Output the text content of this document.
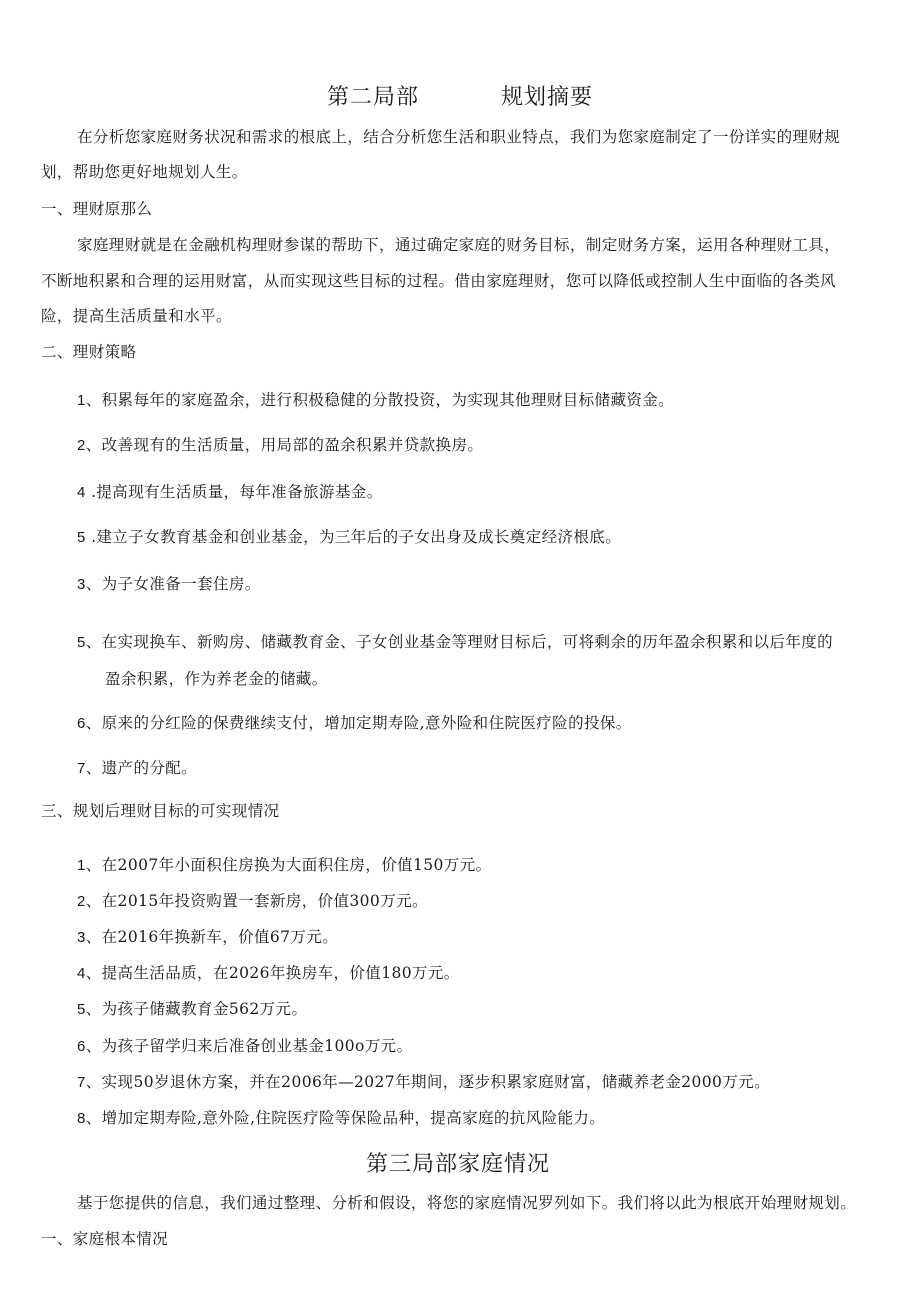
第二局部	规划摘要
在分析您家庭财务状况和需求的根底上，结合分析您生活和职业特点，我们为您家庭制定了一份详实的理财规
划，帮助您更好地规划人生。
一、理财原那么
家庭理财就是在金融机构理财参谋的帮助下，通过确定家庭的财务目标，制定财务方案，运用各种理财工具，
不断地积累和合理的运用财富，从而实现这些目标的过程。借由家庭理财，您可以降低或控制人生中面临的各类风
险，提高生活质量和水平。
二、理财策略
1、积累每年的家庭盈余，进行积极稳健的分散投资，为实现其他理财目标储藏资金。
2、改善现有的生活质量，用局部的盈余积累并贷款换房。
4 .提高现有生活质量，每年准备旅游基金。
5 .建立子女教育基金和创业基金，为三年后的子女出身及成长奠定经济根底。
3、为子女准备一套住房。
5、在实现换车、新购房、储藏教育金、子女创业基金等理财目标后，可将剩余的历年盈余积累和以后年度的
盈余积累，作为养老金的储藏。
6、原来的分红险的保费继续支付，增加定期寿险,意外险和住院医疗险的投保。
7、遗产的分配。
三、规划后理财目标的可实现情况
1、在2007年小面积住房换为大面积住房，价值150万元。
2、在2015年投资购置一套新房，价值300万元。
3、在2016年换新车，价值67万元。
4、提高生活品质，在2026年换房车，价值180万元。
5、为孩子储藏教育金562万元。
6、为孩子留学归来后准备创业基金100o万元。
7、实现50岁退休方案，并在2006年—2027年期间，逐步积累家庭财富，储藏养老金2000万元。
8、增加定期寿险,意外险,住院医疗险等保险品种，提高家庭的抗风险能力。
第三局部家庭情况
基于您提供的信息，我们通过整理、分析和假设，将您的家庭情况罗列如下。我们将以此为根底开始理财规划。
一、家庭根本情况
